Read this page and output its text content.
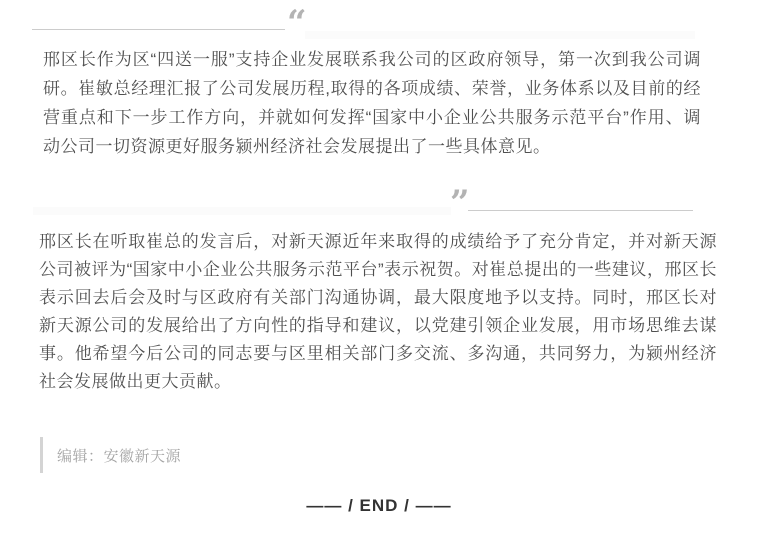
“
邢区长作为区“四送一服”支持企业发展联系我公司的区政府领导，第一次到我公司调研。崔敏总经理汇报了公司发展历程,取得的各项成绩、荣誉，业务体系以及目前的经营重点和下一步工作方向，并就如何发挥“国家中小企业公共服务示范平台”作用、调动公司一切资源更好服务颍州经济社会发展提出了一些具体意见。
”
邢区长在听取崔总的发言后，对新天源近年来取得的成绩给予了充分肯定，并对新天源公司被评为“国家中小企业公共服务示范平台”表示祝贺。对崔总提出的一些建议，邢区长表示回去后会及时与区政府有关部门沟通协调，最大限度地予以支持。同时，邢区长对新天源公司的发展给出了方向性的指导和建议，以党建引领企业发展，用市场思维去谋事。他希望今后公司的同志要与区里相关部门多交流、多沟通，共同努力，为颍州经济社会发展做出更大贡献。
编辑：安徽新天源
—— / END / ——
